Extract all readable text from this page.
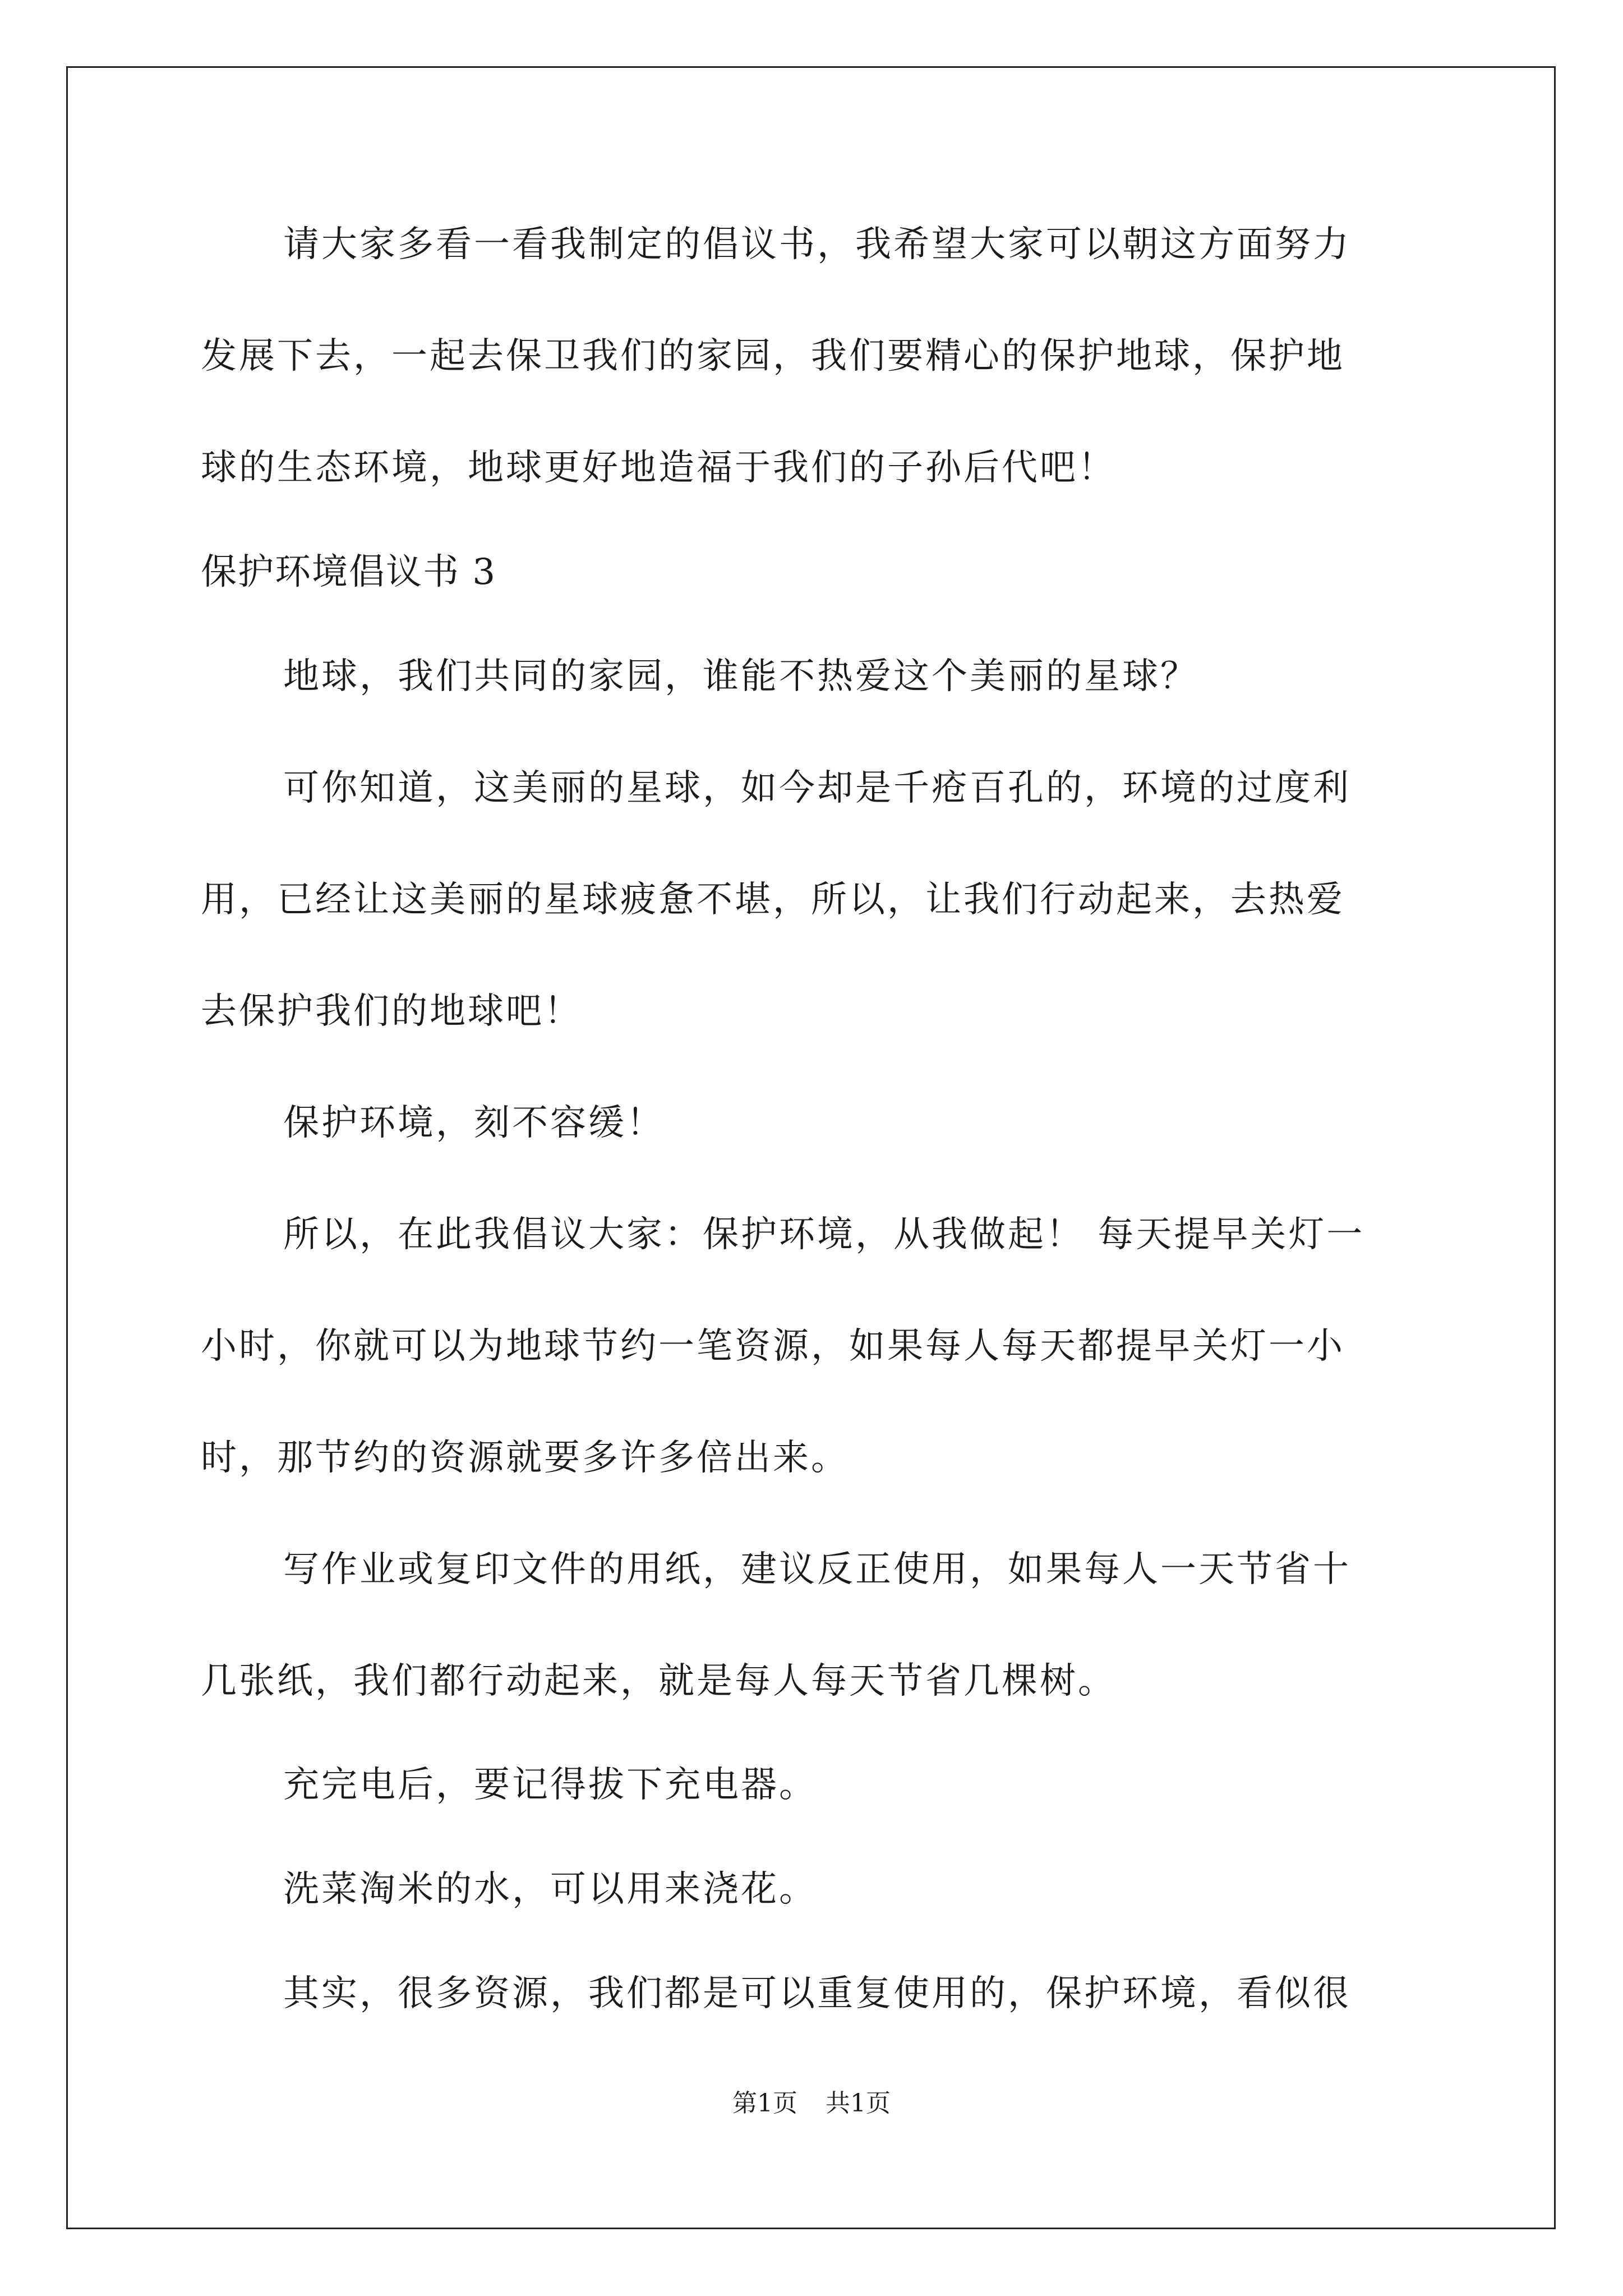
请大家多看一看我制定的倡议书，我希望大家可以朝这方面努力

发展下去，一起去保卫我们的家园，我们要精心的保护地球，保护地

球的生态环境，地球更好地造福于我们的子孙后代吧！

保护环境倡议书 3

地球，我们共同的家园，谁能不热爱这个美丽的星球？

可你知道，这美丽的星球，如今却是千疮百孔的，环境的过度利

用，已经让这美丽的星球疲惫不堪，所以，让我们行动起来，去热爱

去保护我们的地球吧！

保护环境，刻不容缓！

所以，在此我倡议大家：保护环境，从我做起！ 每天提早关灯一

小时，你就可以为地球节约一笔资源，如果每人每天都提早关灯一小

时，那节约的资源就要多许多倍出来。

写作业或复印文件的用纸，建议反正使用，如果每人一天节省十

几张纸，我们都行动起来，就是每人每天节省几棵树。

充完电后，要记得拔下充电器。

洗菜淘米的水，可以用来浇花。

其实，很多资源，我们都是可以重复使用的，保护环境，看似很

第1页 共1页
